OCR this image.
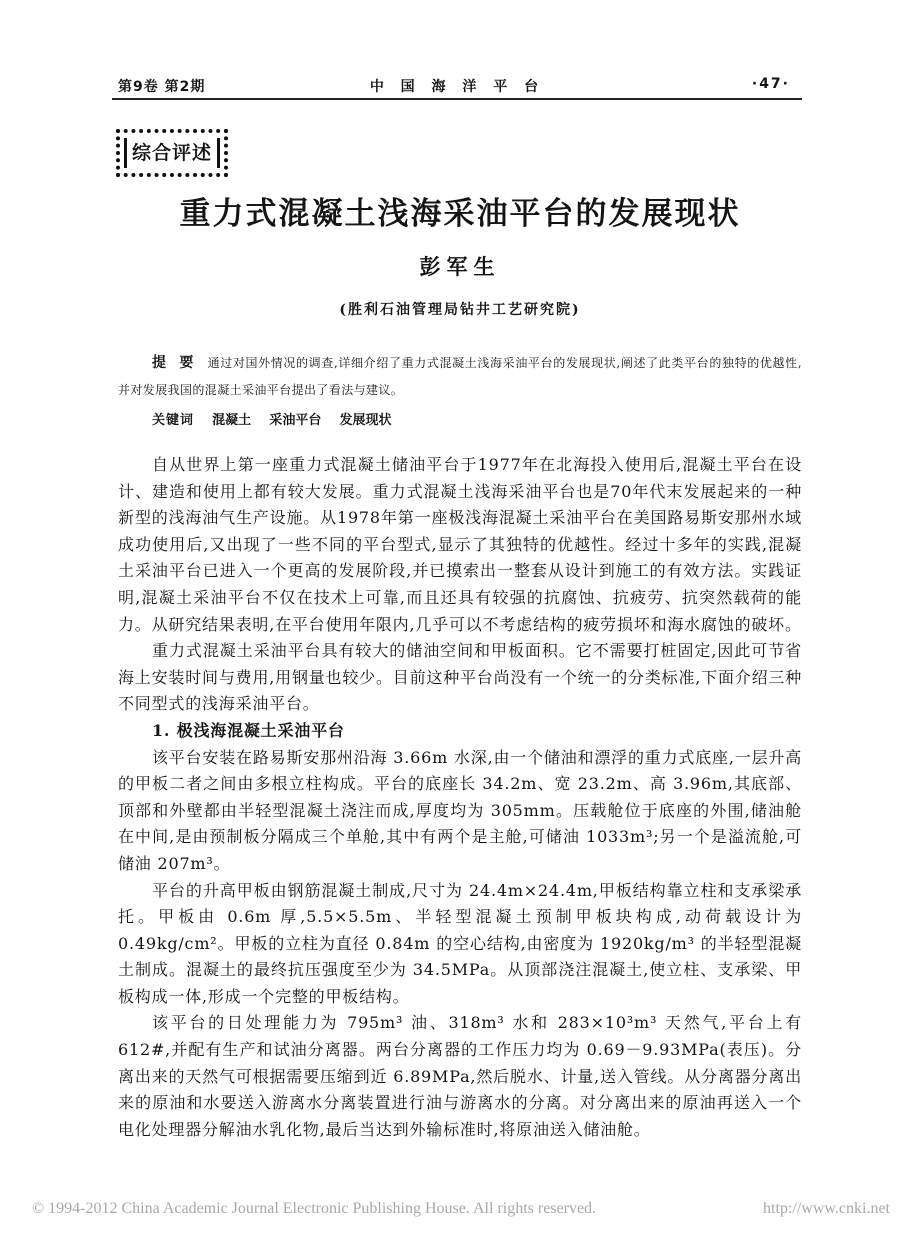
第9卷 第2期	中 国 海 洋 平 台	·47·
综合评述
重力式混凝土浅海采油平台的发展现状
彭军生
(胜利石油管理局钻井工艺研究院)

提 要 通过对国外情况的调查,详细介绍了重力式混凝土浅海采油平台的发展现状,阐述了此类平台的独特的优越性,并对发展我国的混凝土采油平台提出了看法与建议。

关键词 混凝土 采油平台 发展现状

自从世界上第一座重力式混凝土储油平台于1977年在北海投入使用后,混凝土平台在设计、建造和使用上都有较大发展。重力式混凝土浅海采油平台也是70年代末发展起来的一种新型的浅海油气生产设施。从1978年第一座极浅海混凝土采油平台在美国路易斯安那州水域成功使用后,又出现了一些不同的平台型式,显示了其独特的优越性。经过十多年的实践,混凝土采油平台已进入一个更高的发展阶段,并已摸索出一整套从设计到施工的有效方法。实践证明,混凝土采油平台不仅在技术上可靠,而且还具有较强的抗腐蚀、抗疲劳、抗突然载荷的能力。从研究结果表明,在平台使用年限内,几乎可以不考虑结构的疲劳损坏和海水腐蚀的破坏。

重力式混凝土采油平台具有较大的储油空间和甲板面积。它不需要打桩固定,因此可节省海上安装时间与费用,用钢量也较少。目前这种平台尚没有一个统一的分类标准,下面介绍三种不同型式的浅海采油平台。

1. 极浅海混凝土采油平台

该平台安装在路易斯安那州沿海 3.66m 水深,由一个储油和漂浮的重力式底座,一层升高的甲板二者之间由多根立柱构成。平台的底座长 34.2m、宽 23.2m、高 3.96m,其底部、顶部和外壁都由半轻型混凝土浇注而成,厚度均为 305mm。压载舱位于底座的外围,储油舱在中间,是由预制板分隔成三个单舱,其中有两个是主舱,可储油 1033m³;另一个是溢流舱,可储油 207m³。

平台的升高甲板由钢筋混凝土制成,尺寸为 24.4m×24.4m,甲板结构靠立柱和支承梁承托。甲板由 0.6m 厚,5.5×5.5m、半轻型混凝土预制甲板块构成,动荷载设计为 0.49kg/cm²。甲板的立柱为直径 0.84m 的空心结构,由密度为 1920kg/m³ 的半轻型混凝土制成。混凝土的最终抗压强度至少为 34.5MPa。从顶部浇注混凝土,使立柱、支承梁、甲板构成一体,形成一个完整的甲板结构。

该平台的日处理能力为 795m³ 油、318m³ 水和 283×10³m³ 天然气,平台上有 612#,并配有生产和试油分离器。两台分离器的工作压力均为 0.69－9.93MPa(表压)。分离出来的天然气可根据需要压缩到近 6.89MPa,然后脱水、计量,送入管线。从分离器分离出来的原油和水要送入游离水分离装置进行油与游离水的分离。对分离出来的原油再送入一个电化处理器分解油水乳化物,最后当达到外输标准时,将原油送入储油舱。

© 1994-2012 China Academic Journal Electronic Publishing House. All rights reserved.	http://www.cnki.net
